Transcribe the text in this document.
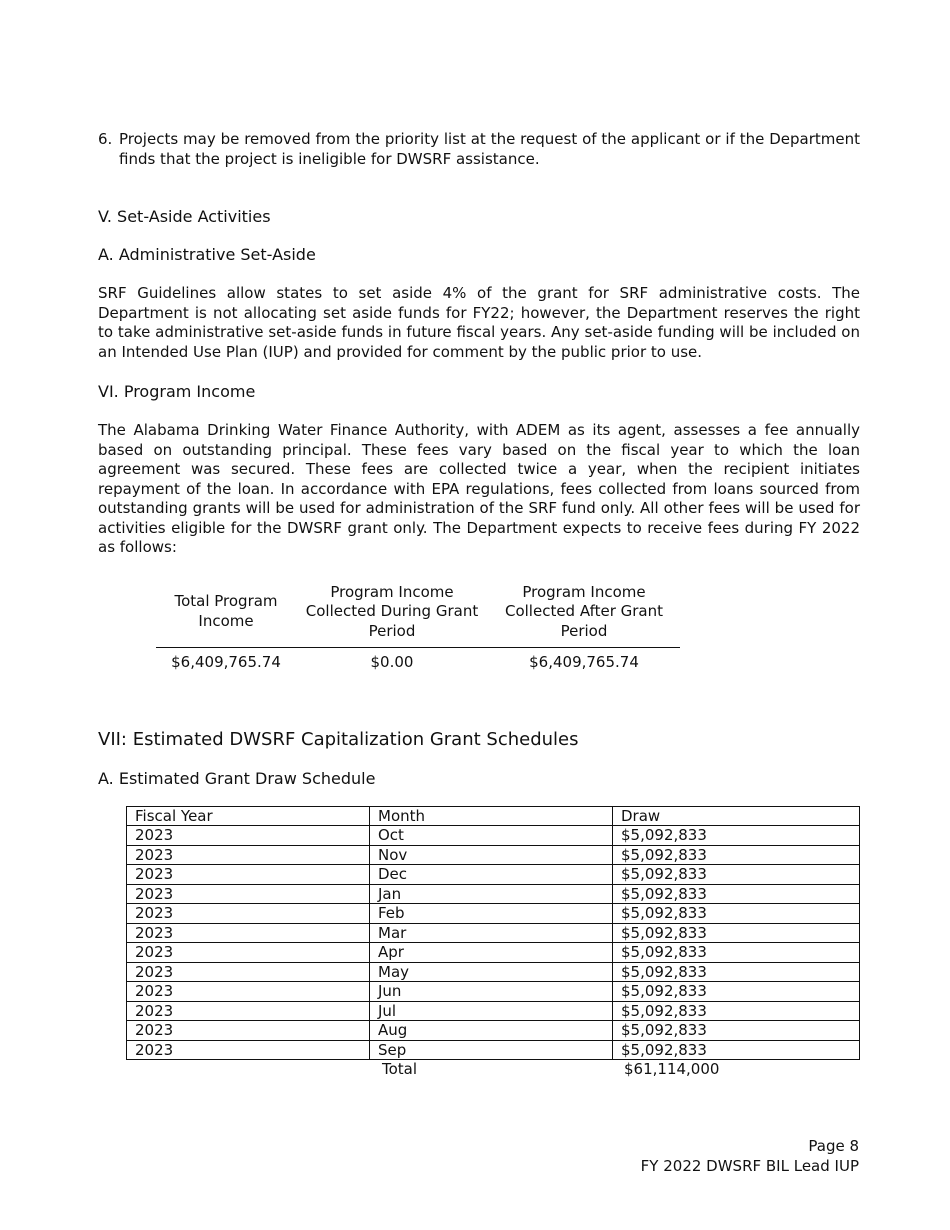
6. Projects may be removed from the priority list at the request of the applicant or if the Department finds that the project is ineligible for DWSRF assistance.
V. Set-Aside Activities
A. Administrative Set-Aside

SRF Guidelines allow states to set aside 4% of the grant for SRF administrative costs. The Department is not allocating set aside funds for FY22; however, the Department reserves the right to take administrative set-aside funds in future fiscal years. Any set-aside funding will be included on an Intended Use Plan (IUP) and provided for comment by the public prior to use.

VI. Program Income

The Alabama Drinking Water Finance Authority, with ADEM as its agent, assesses a fee annually based on outstanding principal. These fees vary based on the fiscal year to which the loan agreement was secured. These fees are collected twice a year, when the recipient initiates repayment of the loan. In accordance with EPA regulations, fees collected from loans sourced from outstanding grants will be used for administration of the SRF fund only. All other fees will be used for activities eligible for the DWSRF grant only. The Department expects to receive fees during FY 2022 as follows:

Total Program Income	Program Income Collected During Grant Period	Program Income Collected After Grant Period
$6,409,765.74	$0.00	$6,409,765.74
VII: Estimated DWSRF Capitalization Grant Schedules
A. Estimated Grant Draw Schedule
Fiscal Year	Month	Draw
2023	Oct	$5,092,833
2023	Nov	$5,092,833
2023	Dec	$5,092,833
2023	Jan	$5,092,833
2023	Feb	$5,092,833
2023	Mar	$5,092,833
2023	Apr	$5,092,833
2023	May	$5,092,833
2023	Jun	$5,092,833
2023	Jul	$5,092,833
2023	Aug	$5,092,833
2023	Sep	$5,092,833
	Total	$61,114,000
Page 8
FY 2022 DWSRF BIL Lead IUP
